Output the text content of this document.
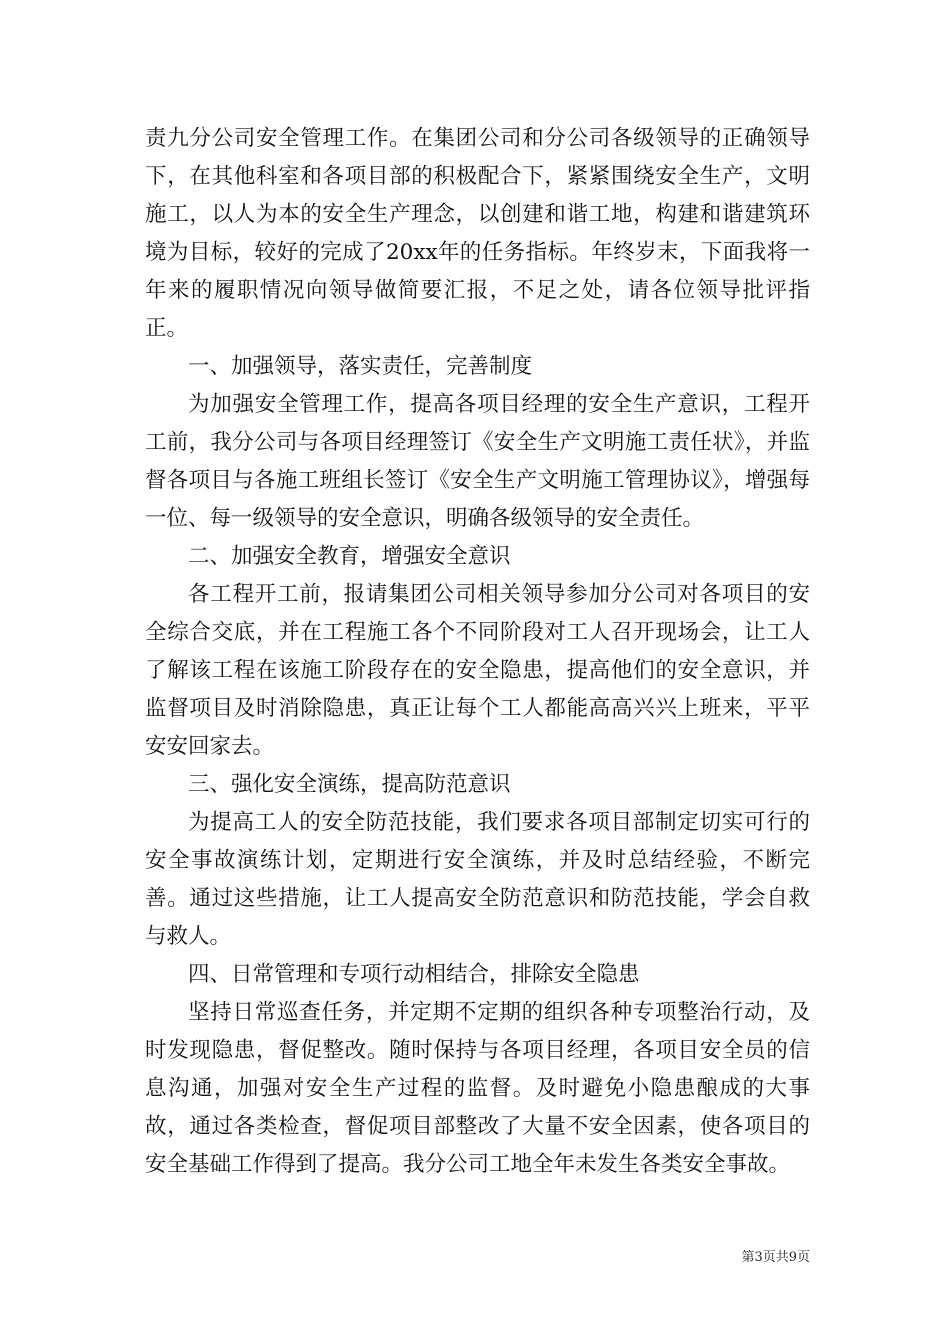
责九分公司安全管理工作。在集团公司和分公司各级领导的正确领导下，在其他科室和各项目部的积极配合下，紧紧围绕安全生产，文明施工，以人为本的安全生产理念，以创建和谐工地，构建和谐建筑环境为目标，较好的完成了20xx年的任务指标。年终岁末，下面我将一年来的履职情况向领导做简要汇报，不足之处，请各位领导批评指正。

一、加强领导，落实责任，完善制度

为加强安全管理工作，提高各项目经理的安全生产意识，工程开工前，我分公司与各项目经理签订《安全生产文明施工责任状》，并监督各项目与各施工班组长签订《安全生产文明施工管理协议》，增强每一位、每一级领导的安全意识，明确各级领导的安全责任。

二、加强安全教育，增强安全意识

各工程开工前，报请集团公司相关领导参加分公司对各项目的安全综合交底，并在工程施工各个不同阶段对工人召开现场会，让工人了解该工程在该施工阶段存在的安全隐患，提高他们的安全意识，并监督项目及时消除隐患，真正让每个工人都能高高兴兴上班来，平平安安回家去。

三、强化安全演练，提高防范意识

为提高工人的安全防范技能，我们要求各项目部制定切实可行的安全事故演练计划，定期进行安全演练，并及时总结经验，不断完善。通过这些措施，让工人提高安全防范意识和防范技能，学会自救与救人。

四、日常管理和专项行动相结合，排除安全隐患

坚持日常巡查任务，并定期不定期的组织各种专项整治行动，及时发现隐患，督促整改。随时保持与各项目经理，各项目安全员的信息沟通，加强对安全生产过程的监督。及时避免小隐患酿成的大事故，通过各类检查，督促项目部整改了大量不安全因素，使各项目的安全基础工作得到了提高。我分公司工地全年未发生各类安全事故。

第3页共9页
